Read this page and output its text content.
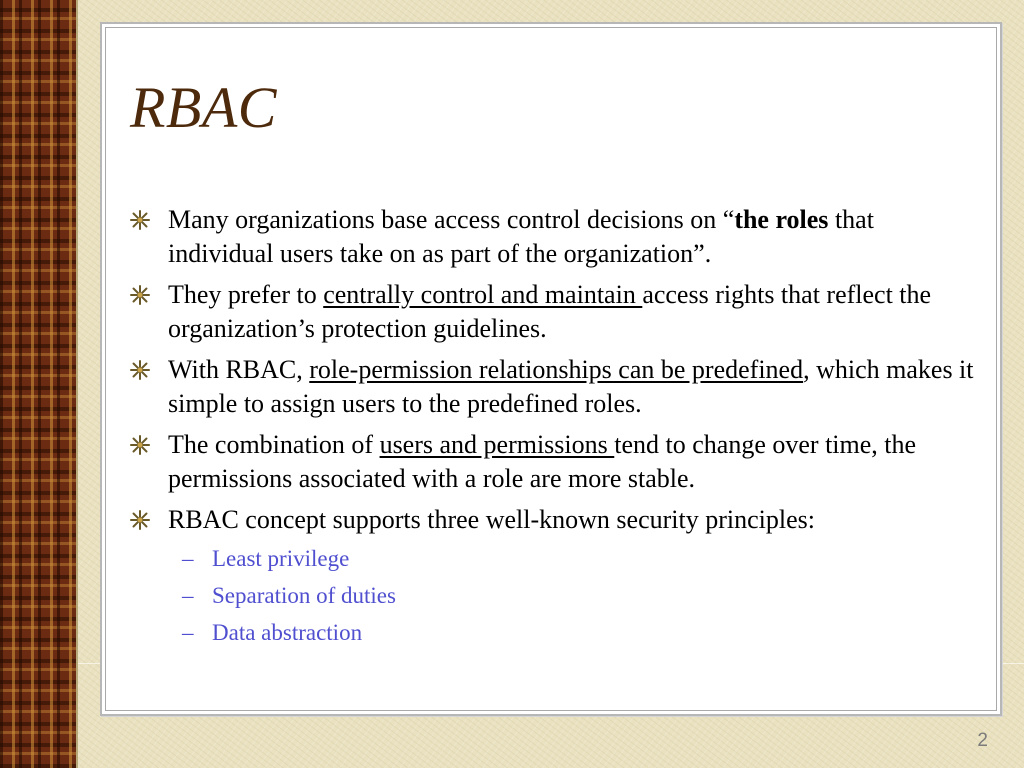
RBAC
Many organizations base access control decisions on “the roles that individual users take on as part of the organization”.
They prefer to centrally control and maintain access rights that reflect the organization’s protection guidelines.
With RBAC, role-permission relationships can be predefined, which makes it simple to assign users to the predefined roles.
The combination of users and permissions tend to change over time, the permissions associated with a role are more stable.
RBAC concept supports three well-known security principles:
– Least privilege
– Separation of duties
– Data abstraction
2
